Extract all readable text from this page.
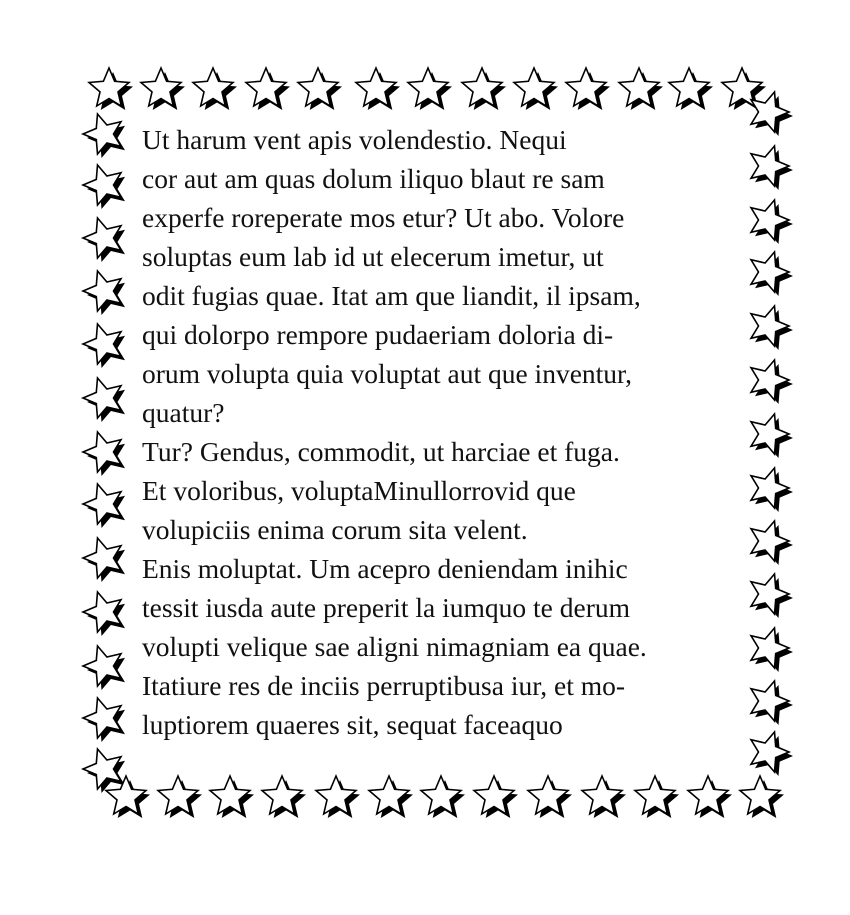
Ut harum vent apis volendestio. Nequi
cor aut am quas dolum iliquo blaut re sam
experfe roreperate mos etur? Ut abo. Volore
soluptas eum lab id ut elecerum imetur, ut
odit fugias quae. Itat am que liandit, il ipsam,
qui dolorpo rempore pudaeriam doloria di-
orum volupta quia voluptat aut que inventur,
quatur?

Tur? Gendus, commodit, ut harciae et fuga.
Et voloribus, voluptaMinullorrovid que
volupiciis enima corum sita velent.

Enis moluptat. Um acepro deniendam inihic
tessit iusda aute preperit la iumquo te derum
volupti velique sae aligni nimagniam ea quae.
Itatiure res de inciis perruptibusa iur, et mo-
luptiorem quaeres sit, sequat faceaquo
